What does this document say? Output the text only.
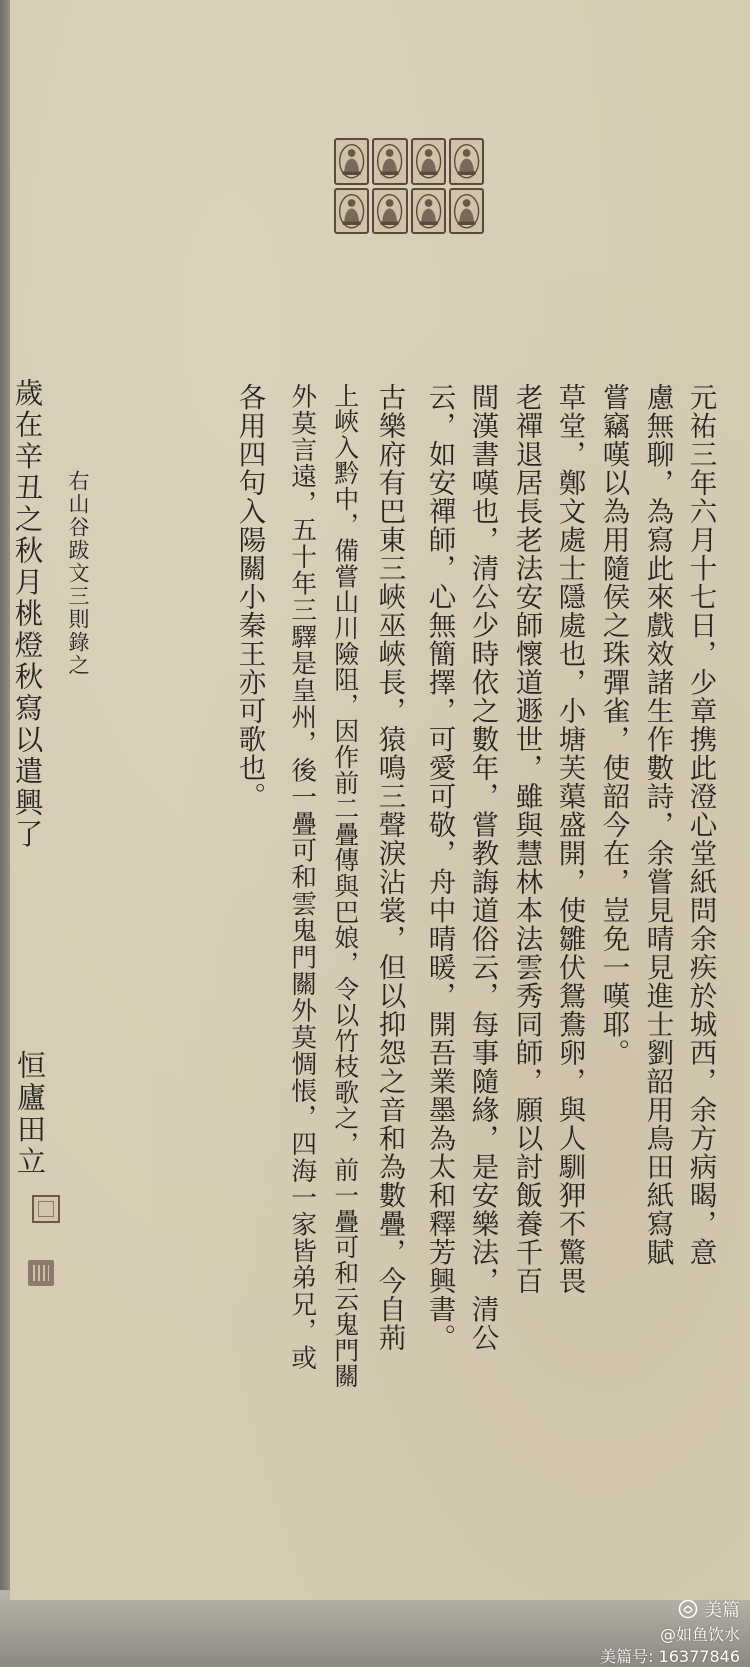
元祐三年六月十七日，少章携此澄心堂紙問余疾於城西，余方病暍，意
慮無聊，為寫此來戲效諸生作數詩，余嘗見晴見進士劉韶用鳥田紙寫賦
嘗竊嘆以為用隨侯之珠彈雀，使韶今在，豈免一嘆耶。
草堂，鄭文處士隱處也，小塘芙蕖盛開，使雛伏鴛鴦卵，與人馴狎不驚畏
老禪退居長老法安師懷道遯世，雖與慧林本法雲秀同師，願以討飯養千百
間漢書嘆也，清公少時依之數年，嘗教誨道俗云，每事隨緣，是安樂法，清公
云，如安禪師，心無簡擇，可愛可敬，舟中晴暖，開吾業墨為太和釋芳興書。
古樂府有巴東三峽巫峽長，猿鳴三聲淚沾裳，但以抑怨之音和為數疊，今自荊
上峽入黔中，備嘗山川險阻，因作前二疊傳與巴娘，令以竹枝歌之，前一疊可和云鬼門關
外莫言遠，五十年三驛是皇州，後一疊可和雲鬼門關外莫惆悵，四海一家皆弟兄，或
各用四句入陽關小秦王亦可歌也。
右山谷跋文三則錄之
歲在辛丑之秋月桃燈秋寫以遣興了
恒廬田立
美篇
@如鱼饮水
美篇号: 16377846
